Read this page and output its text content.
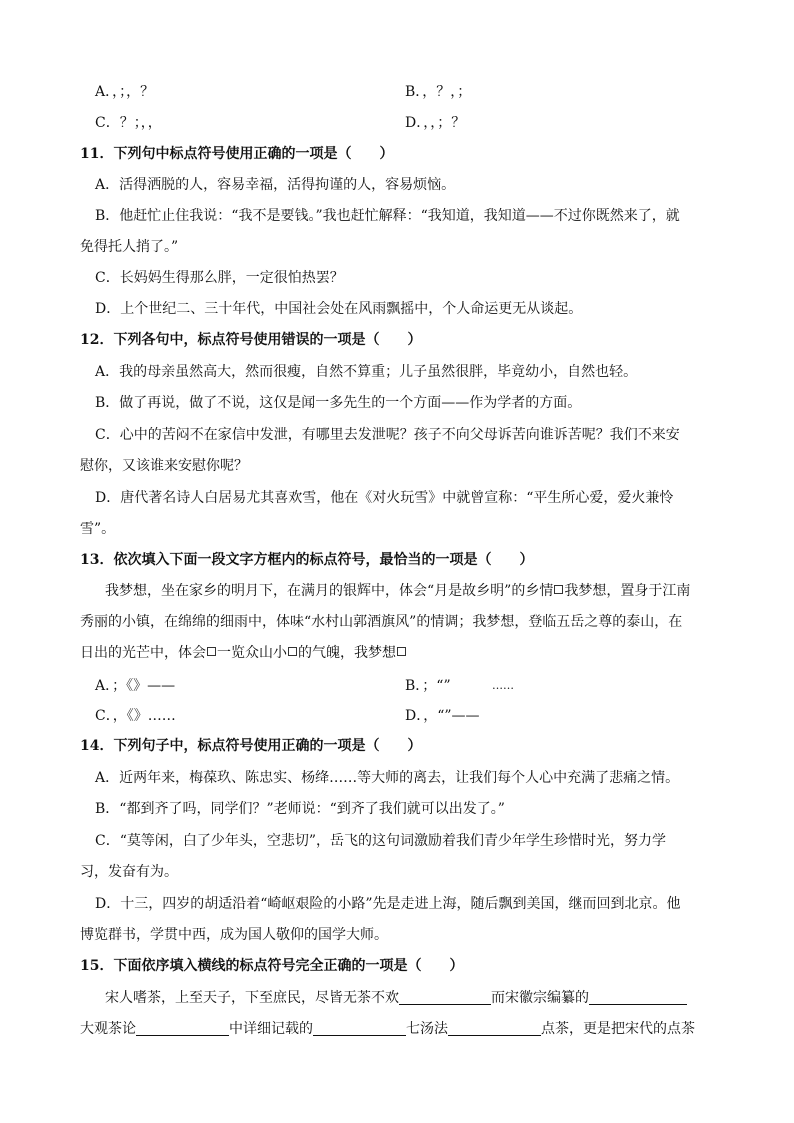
A．，；，？	B．，？，；
C．？；，，	D．，，；？
11．下列句中标点符号使用正确的一项是（　　）
A．活得洒脱的人，容易幸福，活得拘谨的人，容易烦恼。
B．他赶忙止住我说：“我不是要钱。”我也赶忙解释：“我知道，我知道——不过你既然来了，就
免得托人捎了。”
C．长妈妈生得那么胖，一定很怕热罢？
D．上个世纪二、三十年代，中国社会处在风雨飘摇中，个人命运更无从谈起。
12．下列各句中，标点符号使用错误的一项是（　　）
A．我的母亲虽然高大，然而很瘦，自然不算重；儿子虽然很胖，毕竟幼小，自然也轻。
B．做了再说，做了不说，这仅是闻一多先生的一个方面——作为学者的方面。
C．心中的苦闷不在家信中发泄，有哪里去发泄呢？孩子不向父母诉苦向谁诉苦呢？我们不来安
慰你，又该谁来安慰你呢？
D．唐代著名诗人白居易尤其喜欢雪，他在《对火玩雪》中就曾宣称：“平生所心爱，爱火兼怜
雪”。
13．依次填入下面一段文字方框内的标点符号，最恰当的一项是（　　）
我梦想，坐在家乡的明月下，在满月的银辉中，体会“月是故乡明”的乡情 我梦想，置身于江南
秀丽的小镇，在绵绵的细雨中，体味“水村山郭酒旗风”的情调；我梦想，登临五岳之尊的泰山，在
日出的光芒中，体会 一览众山小 的气魄，我梦想
A．；《》——	B．；“”	……
C．，《》……	D．，“”——
14．下列句子中，标点符号使用正确的一项是（　　）
A．近两年来，梅葆玖、陈忠实、杨绛……等大师的离去，让我们每个人心中充满了悲痛之情。
B．“都到齐了吗，同学们？”老师说：“到齐了我们就可以出发了。”
C．“莫等闲，白了少年头，空悲切”，岳飞的这句词激励着我们青少年学生珍惜时光，努力学
习，发奋有为。
D．十三，四岁的胡适沿着“崎岖艰险的小路”先是走进上海，随后飘到美国，继而回到北京。他
博览群书，学贯中西，成为国人敬仰的国学大师。
15．下面依序填入横线的标点符号完全正确的一项是（　　）
宋人嗜茶，上至天子，下至庶民，尽皆无茶不欢	而宋徽宗编纂的
大观茶论	中详细记载的	七汤法	点茶，更是把宋代的点茶
